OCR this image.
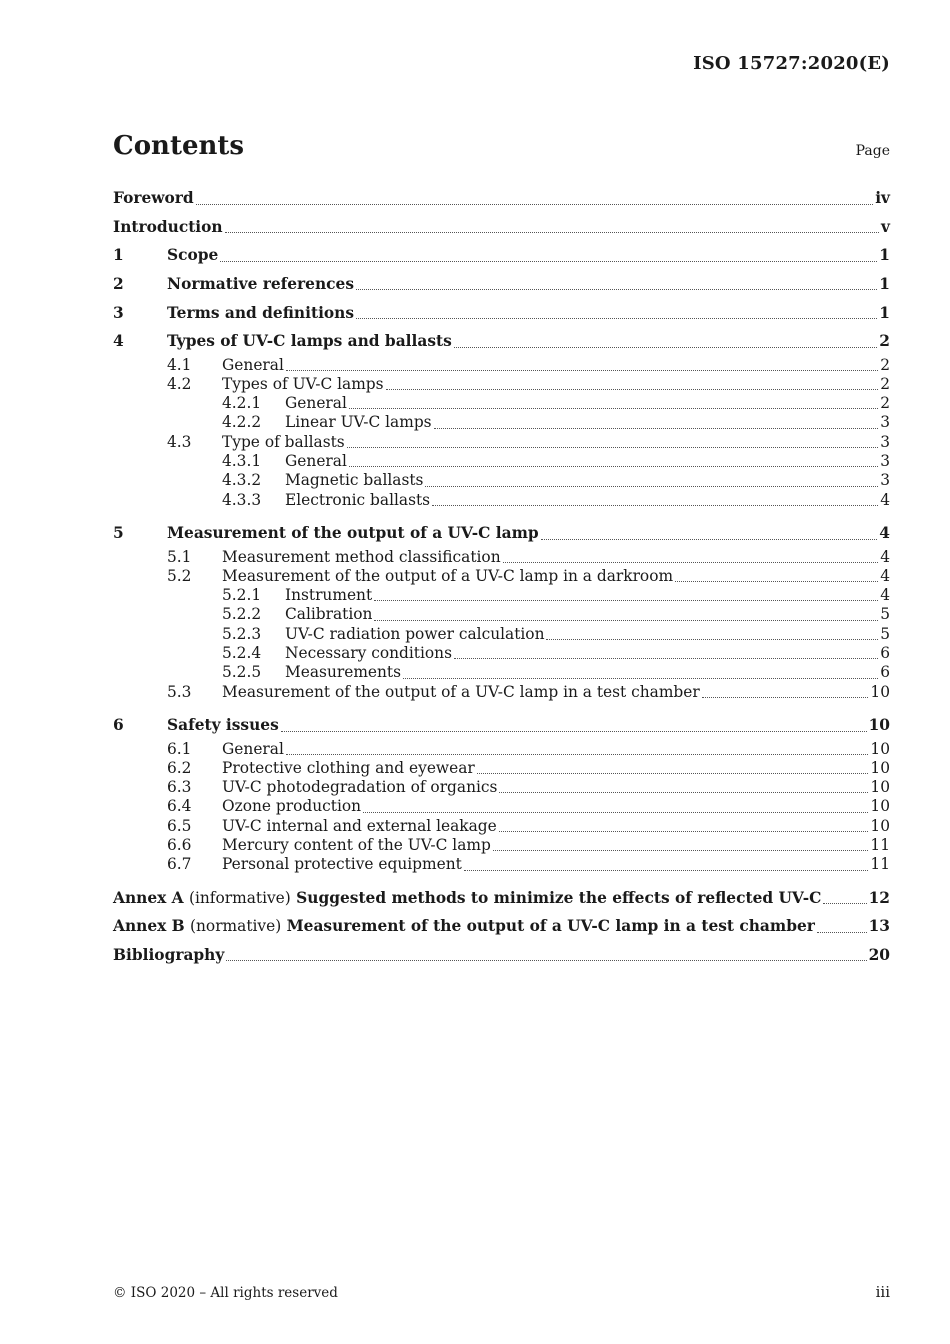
ISO 15727:2020(E)
Contents	Page
Foreword	iv
Introduction	v
1	Scope	1
2	Normative references	1
3	Terms and definitions	1
4	Types of UV-C lamps and ballasts	2
4.1	General	2
4.2	Types of UV-C lamps	2
4.2.1	General	2
4.2.2	Linear UV-C lamps	3
4.3	Type of ballasts	3
4.3.1	General	3
4.3.2	Magnetic ballasts	3
4.3.3	Electronic ballasts	4
5	Measurement of the output of a UV-C lamp	4
5.1	Measurement method classification	4
5.2	Measurement of the output of a UV-C lamp in a darkroom	4
5.2.1	Instrument	4
5.2.2	Calibration	5
5.2.3	UV-C radiation power calculation	5
5.2.4	Necessary conditions	6
5.2.5	Measurements	6
5.3	Measurement of the output of a UV-C lamp in a test chamber	10
6	Safety issues	10
6.1	General	10
6.2	Protective clothing and eyewear	10
6.3	UV-C photodegradation of organics	10
6.4	Ozone production	10
6.5	UV-C internal and external leakage	10
6.6	Mercury content of the UV-C lamp	11
6.7	Personal protective equipment	11
Annex A (informative) Suggested methods to minimize the effects of reflected UV-C	12
Annex B (normative) Measurement of the output of a UV-C lamp in a test chamber	13
Bibliography	20
© ISO 2020 – All rights reserved	iii
